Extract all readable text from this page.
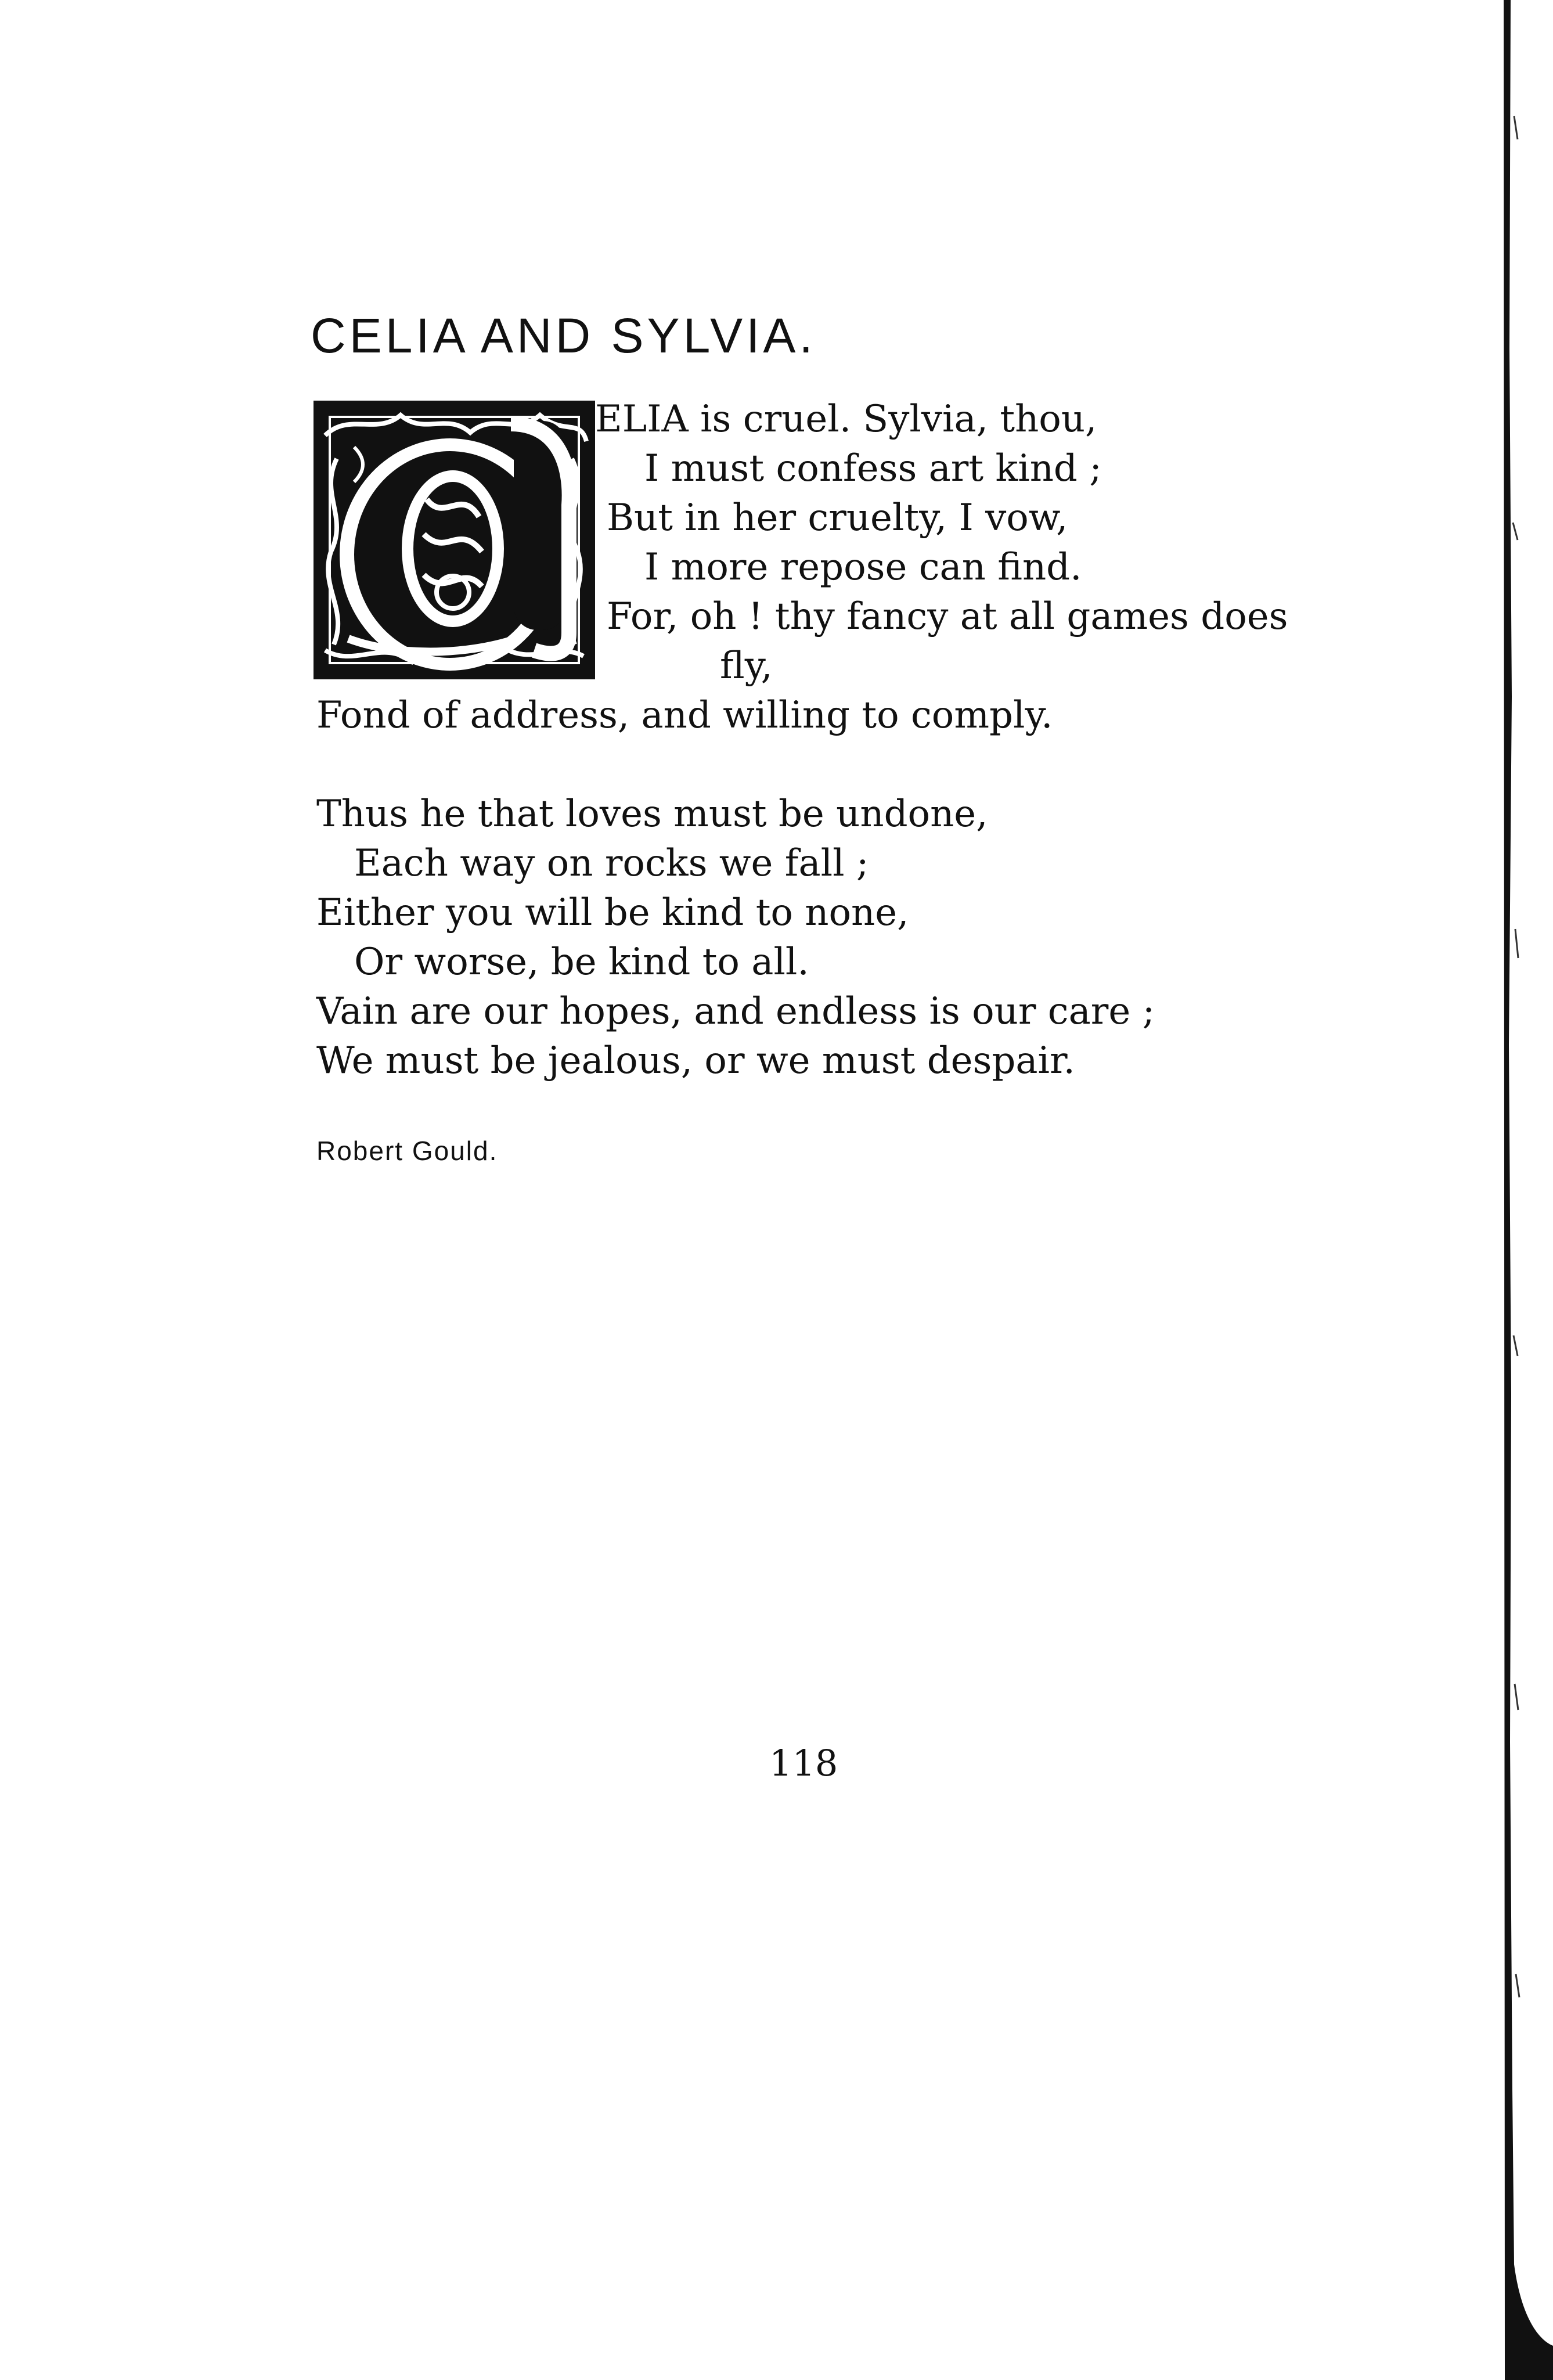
CELIA AND SYLVIA.

ELIA is cruel. Sylvia, thou,

I must confess art kind ;

But in her cruelty, I vow,

I more repose can find.

For, oh ! thy fancy at all games does

fly,

Fond of address, and willing to comply.

Thus he that loves must be undone,

Each way on rocks we fall ;

Either you will be kind to none,

Or worse, be kind to all.

Vain are our hopes, and endless is our care ;

We must be jealous, or we must despair.

Robert Gould.
118
